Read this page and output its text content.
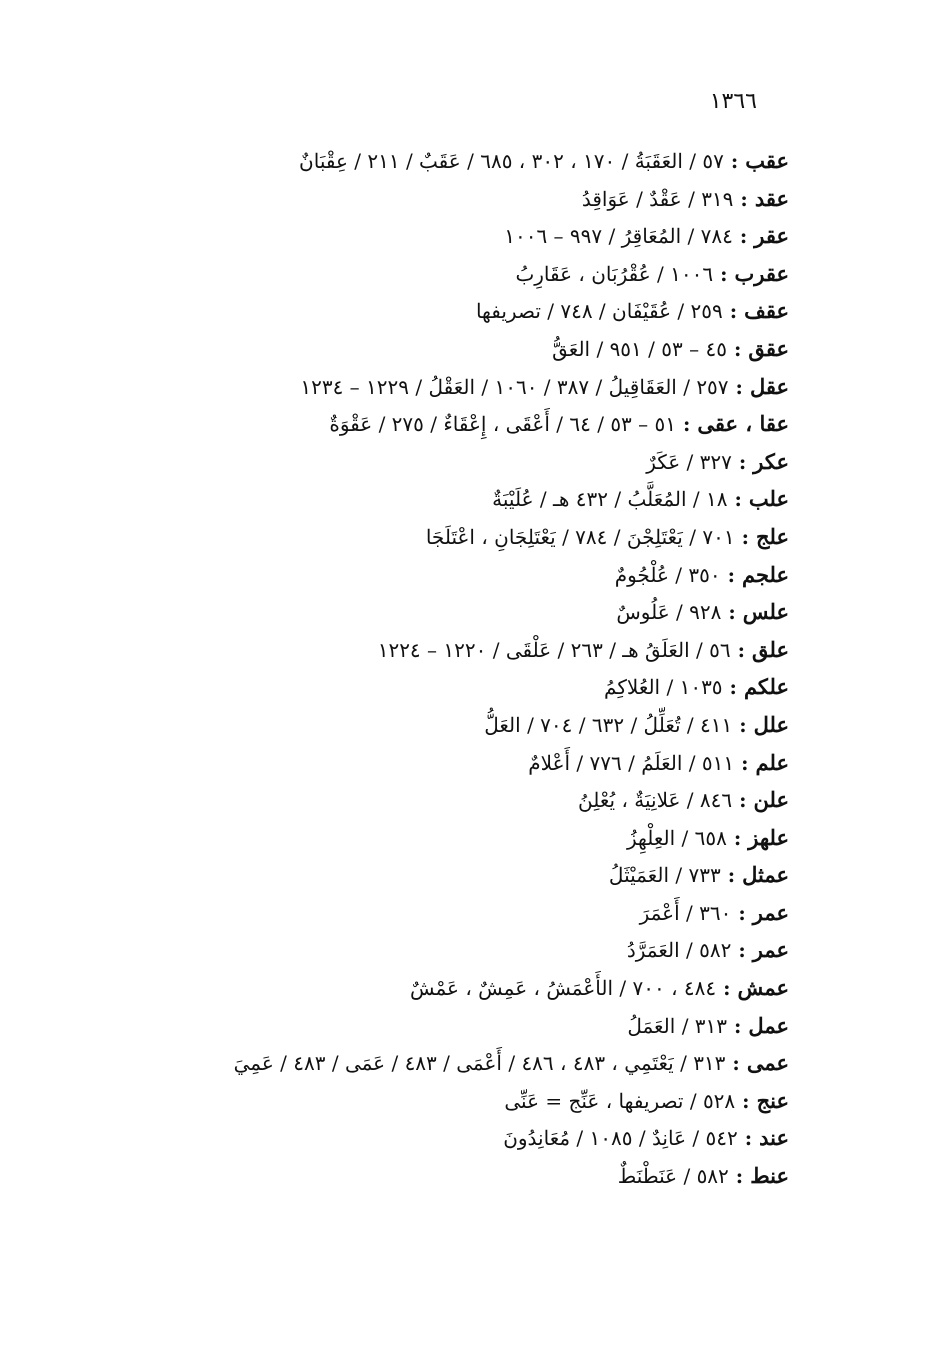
١٣٦٦
عقب:٥٧ / العَقَبَةُ / ١٧٠ ، ٣٠٢ ، ٦٨٥ / عَقَبٌ / ٢١١ / عِقْبَانٌ
عقد:٣١٩ / عَقْدٌ / عَوَاقِدُ
عقر:٧٨٤ / المُعَاقِرُ / ٩٩٧ – ١٠٠٦
عقرب:١٠٠٦ / عُقْرُبَان ، عَقَارِبُ
عقف:٢٥٩ / عُقَيْفَان / ٧٤٨ / تصريفها
عقق:٤٥ – ٥٣ / ٩٥١ / العَقُّ
عقل:٢٥٧ / العَقَاقِيلُ / ٣٨٧ / ١٠٦٠ / العَقْلُ / ١٢٢٩ – ١٢٣٤
عقا ، عقى:٥١ – ٥٣ / ٦٤ / أَعْقَى ، إِعْقَاءٌ / ٢٧٥ / عَقْوَةٌ
عكر:٣٢٧ / عَكَرٌ
علب:١٨ / المُعَلَّبُ / ٤٣٢ هـ / عُلَيْبَةٌ
علج:٧٠١ / يَعْتَلِجْنَ / ٧٨٤ / يَعْتَلِجَانِ ، اعْتَلَجَا
علجم:٣٥٠ / عُلْجُومٌ
علس:٩٢٨ / عَلُوسٌ
علق:٥٦ / العَلَقُ هـ / ٢٦٣ / عَلْقَى / ١٢٢٠ – ١٢٢٤
علكم:١٠٣٥ / العُلاكِمُ
علل:٤١١ / تُعَلِّلُ / ٦٣٢ / ٧٠٤ / العَلُّ
علم:٥١١ / العَلَمُ / ٧٧٦ / أَعْلامٌ
علن:٨٤٦ / عَلانِيَةٌ ، يُعْلِنُ
علهز:٦٥٨ / العِلْهِزُ
عمثل:٧٣٣ / العَمَيْثَلُ
عمر:٣٦٠ / أَعْمَرَ
عمر:٥٨٢ / العَمَرَّدُ
عمش:٤٨٤ ، ٧٠٠ / الأَعْمَشُ ، عَمِشٌ ، عَمْشٌ
عمل:٣١٣ / العَمَلُ
عمى:٣١٣ / يَعْتَمِي ، ٤٨٣ ، ٤٨٦ / أَعْمَى / ٤٨٣ / عَمَى / ٤٨٣ / عَمِيَ
عنج:٥٢٨ / تصريفها ، عَنِّج = عَنِّى
عند:٥٤٢ / عَانِدٌ / ١٠٨٥ / مُعَانِدُونَ
عنط:٥٨٢ / عَنَطْنَطٌ
